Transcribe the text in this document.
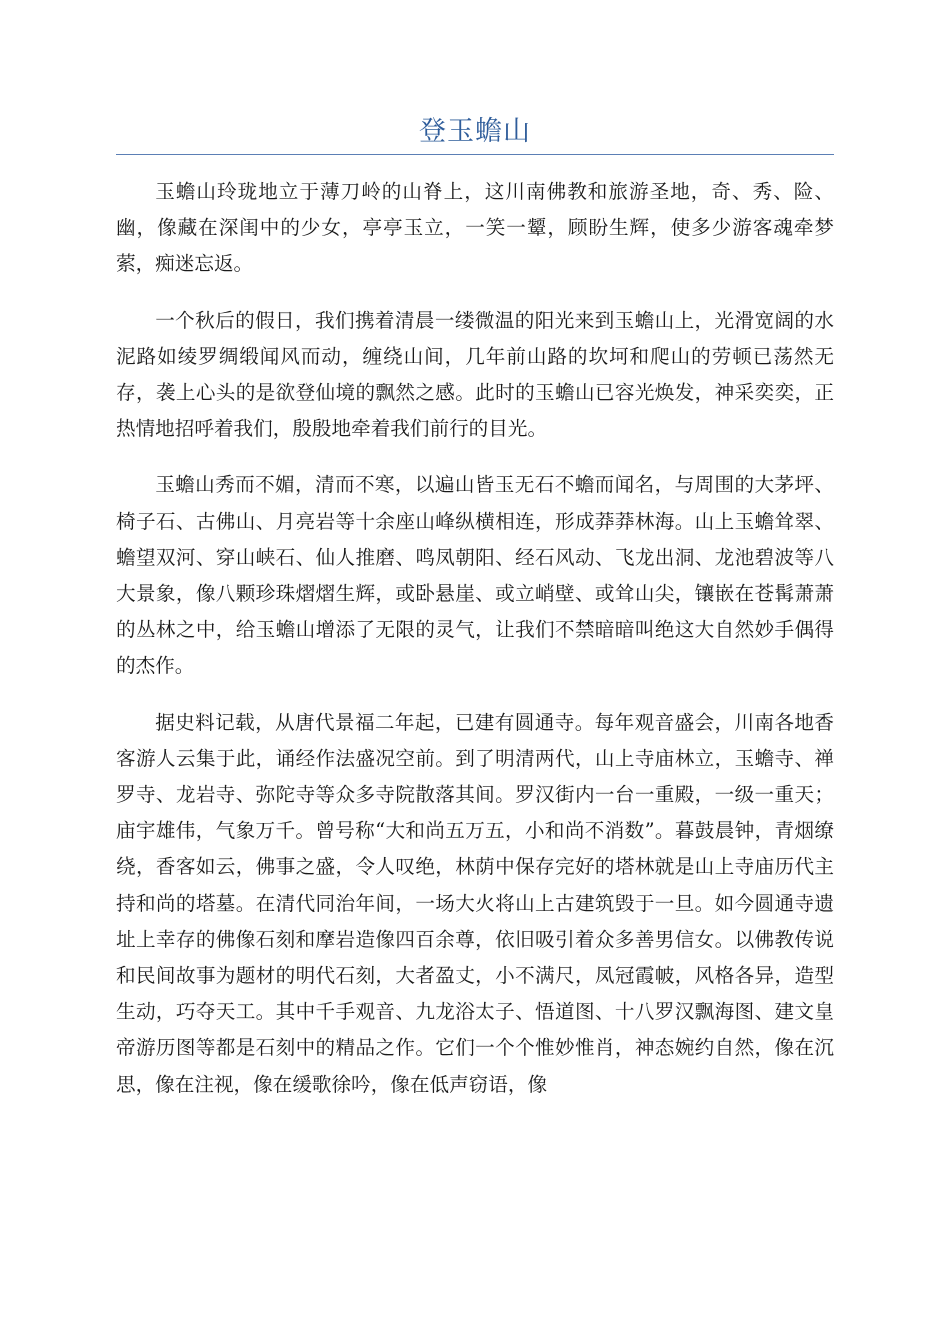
登玉蟾山

玉蟾山玲珑地立于薄刀岭的山脊上，这川南佛教和旅游圣地，奇、秀、险、幽，像藏在深闺中的少女，亭亭玉立，一笑一颦，顾盼生辉，使多少游客魂牵梦萦，痴迷忘返。

一个秋后的假日，我们携着清晨一缕微温的阳光来到玉蟾山上，光滑宽阔的水泥路如绫罗绸缎闻风而动，缠绕山间，几年前山路的坎坷和爬山的劳顿已荡然无存，袭上心头的是欲登仙境的飘然之感。此时的玉蟾山已容光焕发，神采奕奕，正热情地招呼着我们，殷殷地牵着我们前行的目光。

玉蟾山秀而不媚，清而不寒，以遍山皆玉无石不蟾而闻名，与周围的大茅坪、椅子石、古佛山、月亮岩等十余座山峰纵横相连，形成莽莽林海。山上玉蟾耸翠、蟾望双河、穿山峡石、仙人推磨、鸣凤朝阳、经石风动、飞龙出洞、龙池碧波等八大景象，像八颗珍珠熠熠生辉，或卧悬崖、或立峭壁、或耸山尖，镶嵌在苍髯萧萧的丛林之中，给玉蟾山增添了无限的灵气，让我们不禁暗暗叫绝这大自然妙手偶得的杰作。

据史料记载，从唐代景福二年起，已建有圆通寺。每年观音盛会，川南各地香客游人云集于此，诵经作法盛况空前。到了明清两代，山上寺庙林立，玉蟾寺、禅罗寺、龙岩寺、弥陀寺等众多寺院散落其间。罗汉街内一台一重殿，一级一重天；庙宇雄伟，气象万千。曾号称“大和尚五万五，小和尚不消数”。暮鼓晨钟，青烟缭绕，香客如云，佛事之盛，令人叹绝，林荫中保存完好的塔林就是山上寺庙历代主持和尚的塔墓。在清代同治年间，一场大火将山上古建筑毁于一旦。如今圆通寺遗址上幸存的佛像石刻和摩岩造像四百余尊，依旧吸引着众多善男信女。以佛教传说和民间故事为题材的明代石刻，大者盈丈，小不满尺，凤冠霞帔，风格各异，造型生动，巧夺天工。其中千手观音、九龙浴太子、悟道图、十八罗汉飘海图、建文皇帝游历图等都是石刻中的精品之作。它们一个个惟妙惟肖，神态婉约自然，像在沉思，像在注视，像在缓歌徐吟，像在低声窃语，像
